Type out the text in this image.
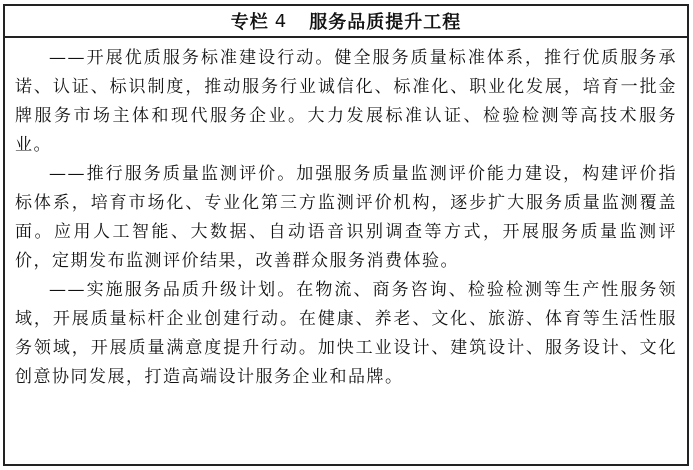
专栏 4 服务品质提升工程

——开展优质服务标准建设行动。健全服务质量标准体系，推行优质服务承诺、认证、标识制度，推动服务行业诚信化、标准化、职业化发展，培育一批金牌服务市场主体和现代服务企业。大力发展标准认证、检验检测等高技术服务业。

——推行服务质量监测评价。加强服务质量监测评价能力建设，构建评价指标体系，培育市场化、专业化第三方监测评价机构，逐步扩大服务质量监测覆盖面。应用人工智能、大数据、自动语音识别调查等方式，开展服务质量监测评价，定期发布监测评价结果，改善群众服务消费体验。

——实施服务品质升级计划。在物流、商务咨询、检验检测等生产性服务领域，开展质量标杆企业创建行动。在健康、养老、文化、旅游、体育等生活性服务领域，开展质量满意度提升行动。加快工业设计、建筑设计、服务设计、文化创意协同发展，打造高端设计服务企业和品牌。
